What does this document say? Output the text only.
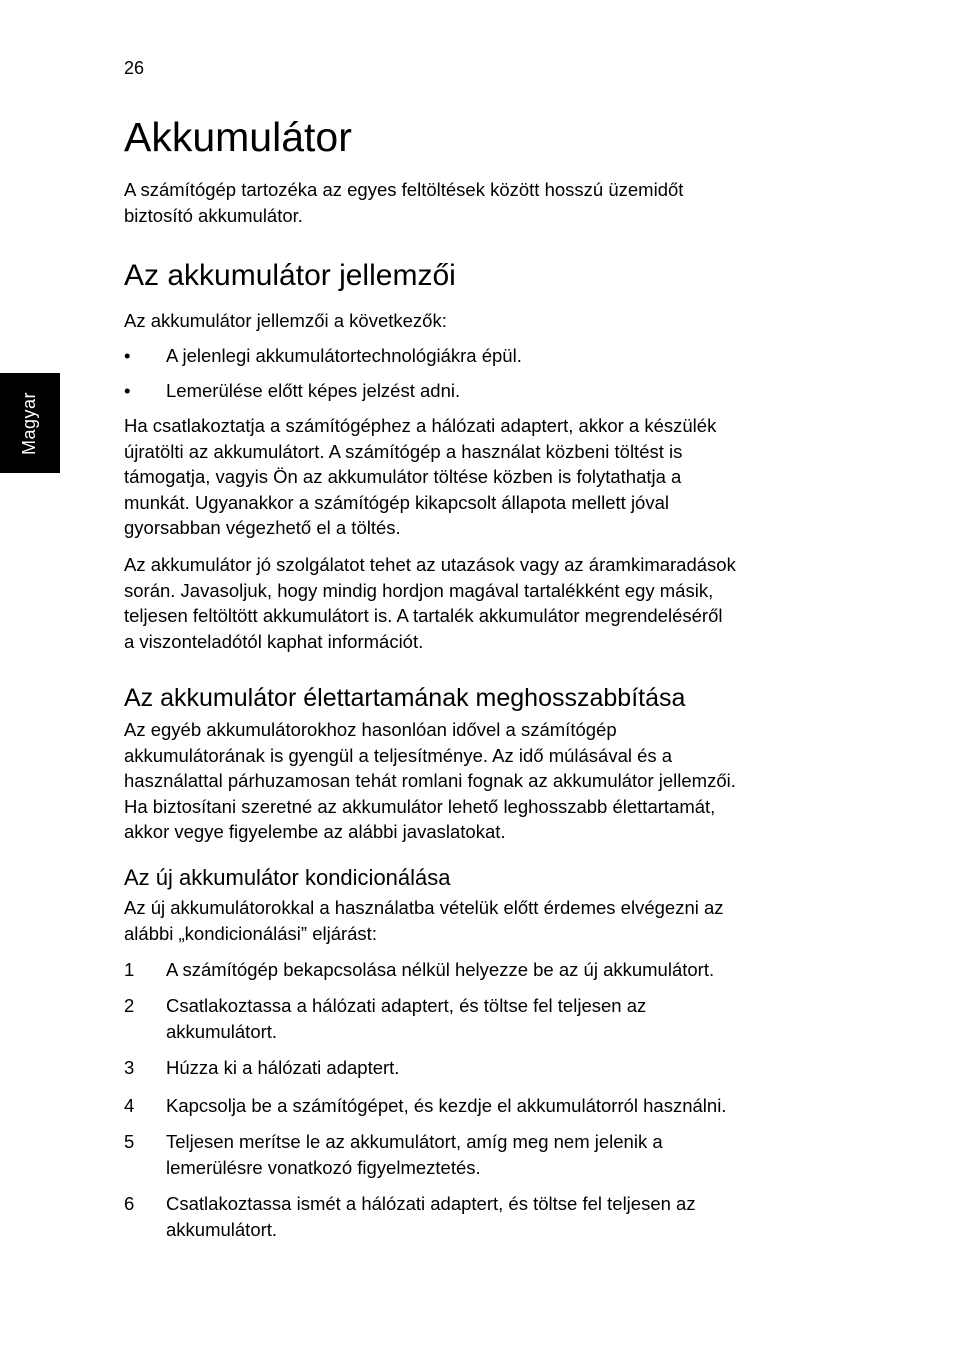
26
Magyar
Akkumulátor

A számítógép tartozéka az egyes feltöltések között hosszú üzemidőt
biztosító akkumulátor.

Az akkumulátor jellemzői

Az akkumulátor jellemzői a következők:

•	A jelenlegi akkumulátortechnológiákra épül.
•	Lemerülése előtt képes jelzést adni.

Ha csatlakoztatja a számítógéphez a hálózati adaptert, akkor a készülék
újratölti az akkumulátort. A számítógép a használat közbeni töltést is
támogatja, vagyis Ön az akkumulátor töltése közben is folytathatja a
munkát. Ugyanakkor a számítógép kikapcsolt állapota mellett jóval
gyorsabban végezhető el a töltés.

Az akkumulátor jó szolgálatot tehet az utazások vagy az áramkimaradások
során. Javasoljuk, hogy mindig hordjon magával tartalékként egy másik,
teljesen feltöltött akkumulátort is. A tartalék akkumulátor megrendeléséről
a viszonteladótól kaphat információt.

Az akkumulátor élettartamának meghosszabbítása

Az egyéb akkumulátorokhoz hasonlóan idővel a számítógép
akkumulátorának is gyengül a teljesítménye. Az idő múlásával és a
használattal párhuzamosan tehát romlani fognak az akkumulátor jellemzői.
Ha biztosítani szeretné az akkumulátor lehető leghosszabb élettartamát,
akkor vegye figyelembe az alábbi javaslatokat.

Az új akkumulátor kondicionálása

Az új akkumulátorokkal a használatba vételük előtt érdemes elvégezni az
alábbi „kondicionálási” eljárást:

1	A számítógép bekapcsolása nélkül helyezze be az új akkumulátort.
2	Csatlakoztassa a hálózati adaptert, és töltse fel teljesen az
akkumulátort.
3	Húzza ki a hálózati adaptert.
4	Kapcsolja be a számítógépet, és kezdje el akkumulátorról használni.
5	Teljesen merítse le az akkumulátort, amíg meg nem jelenik a
lemerülésre vonatkozó figyelmeztetés.
6	Csatlakoztassa ismét a hálózati adaptert, és töltse fel teljesen az
akkumulátort.
